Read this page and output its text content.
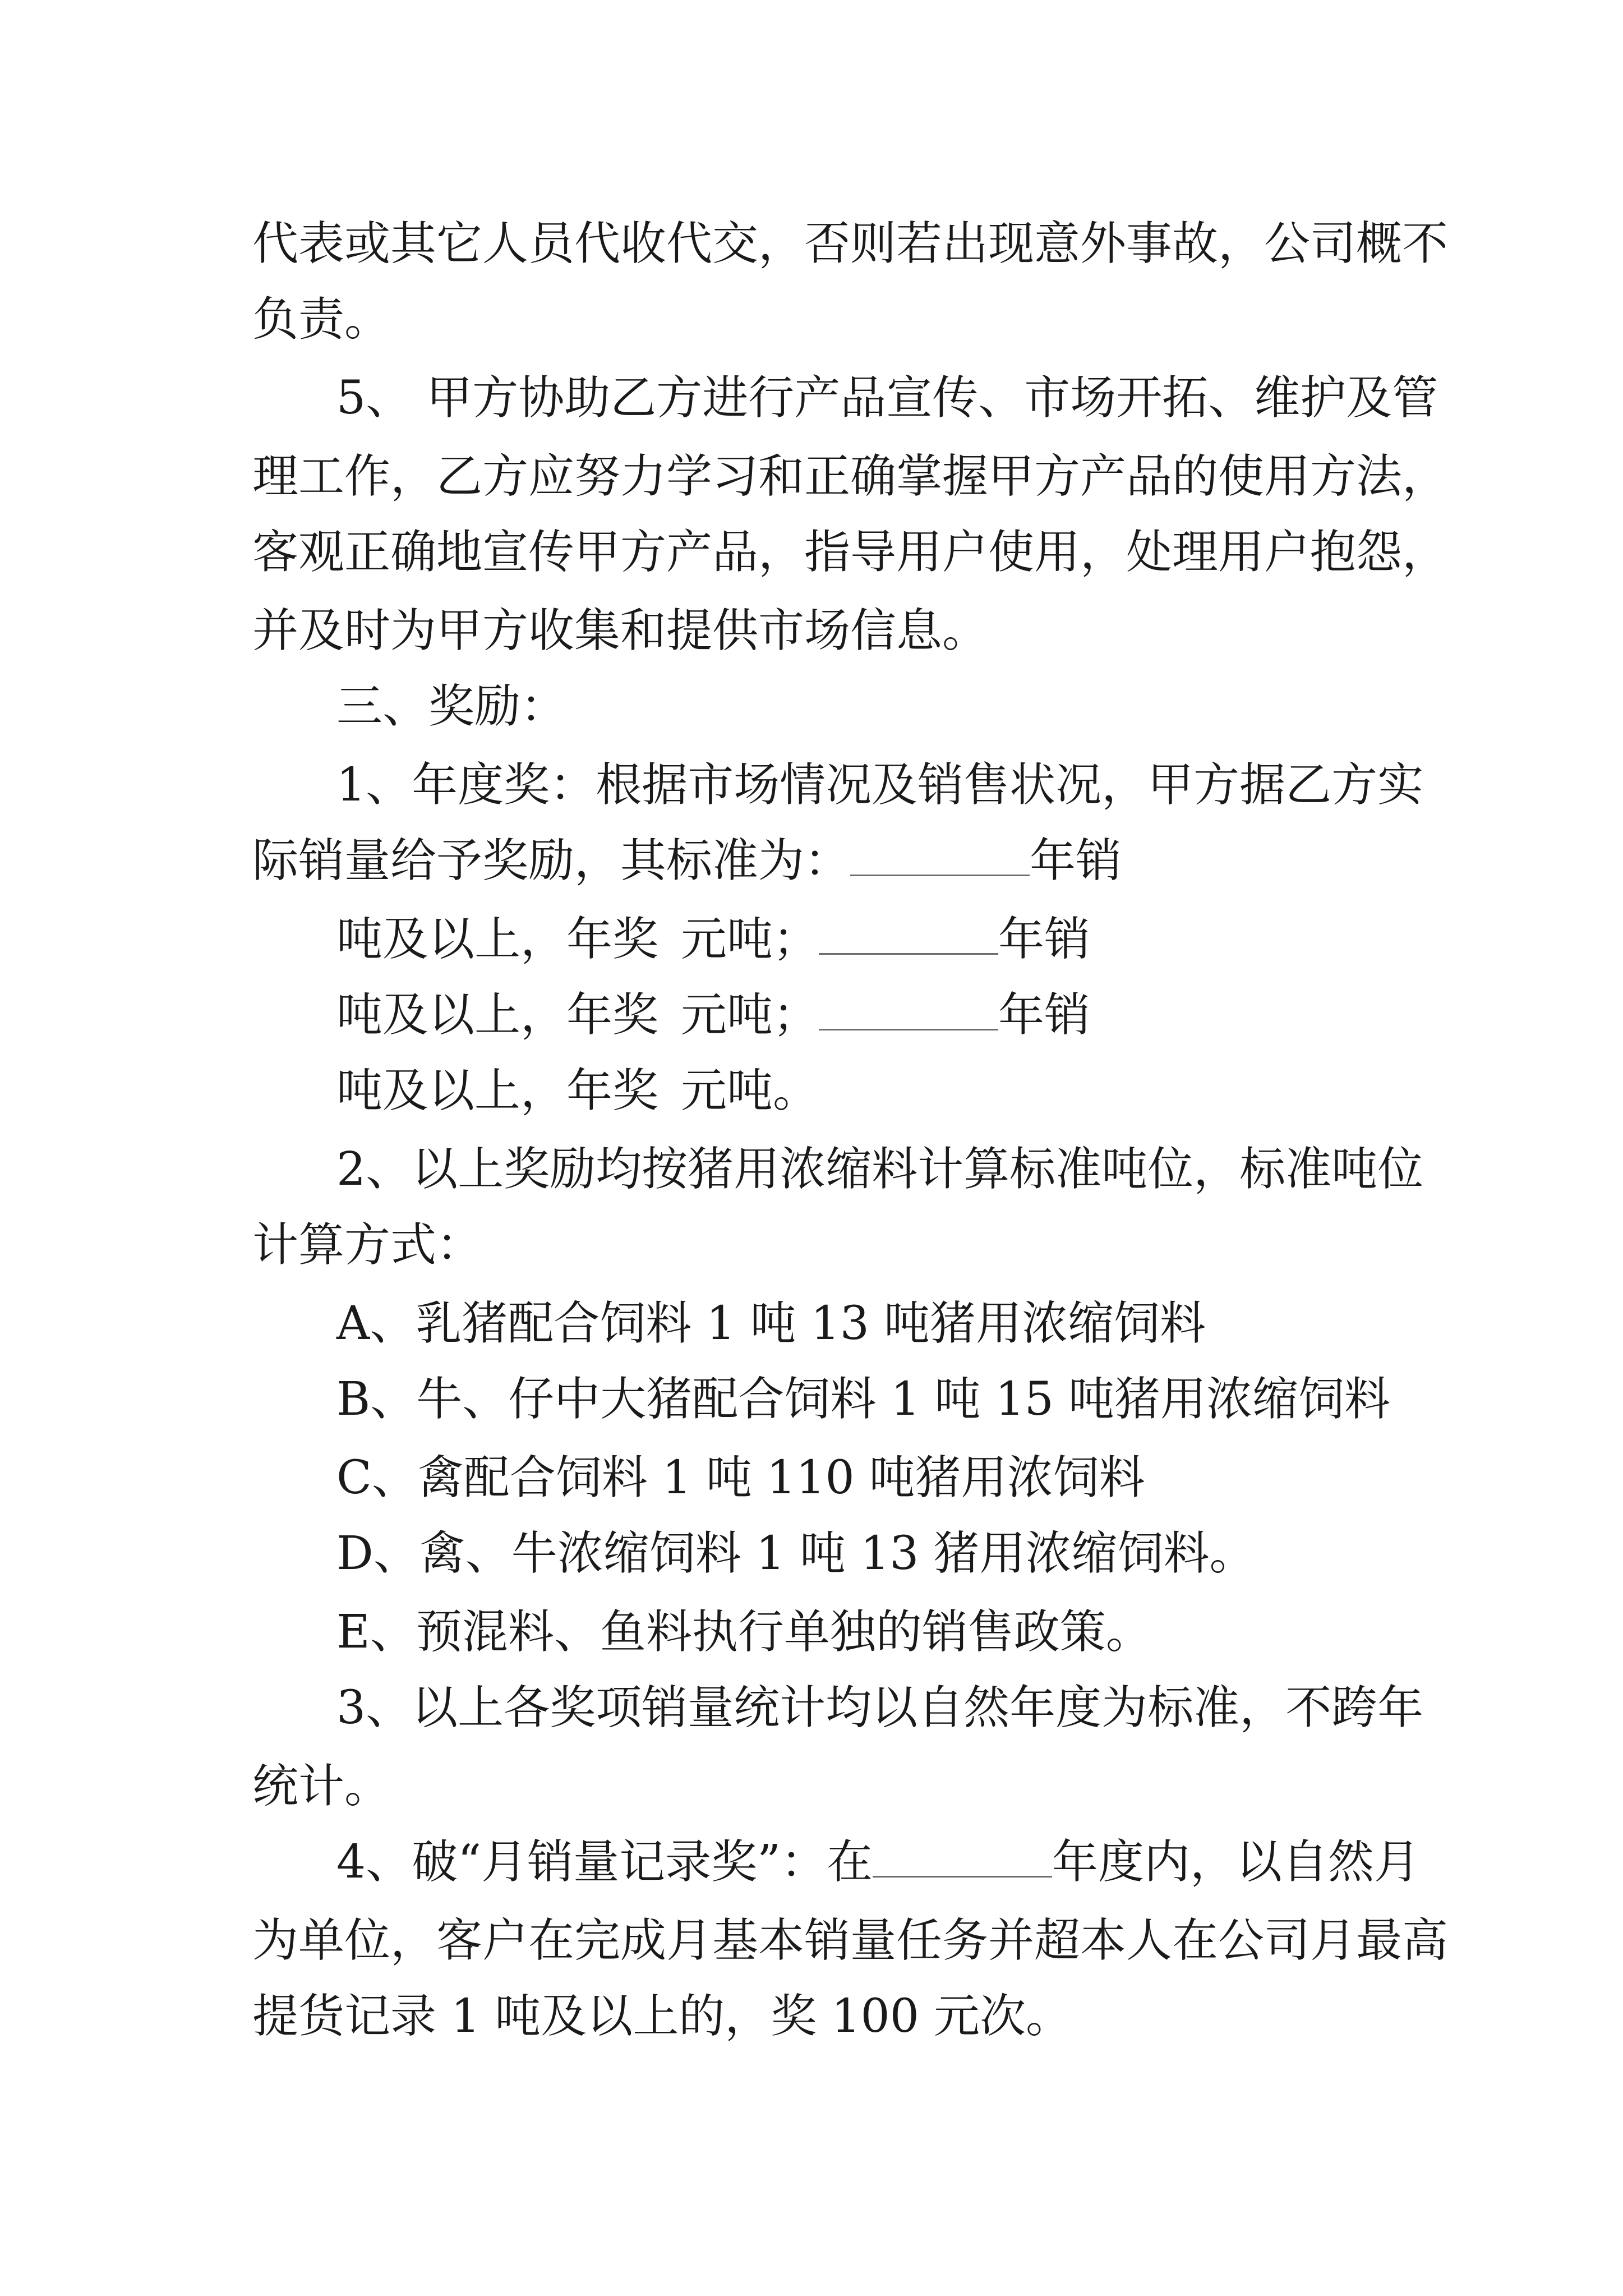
代表或其它人员代收代交，否则若出现意外事故，公司概不

负责。

5、 甲方协助乙方进行产品宣传、市场开拓、维护及管

理工作，乙方应努力学习和正确掌握甲方产品的使用方法，

客观正确地宣传甲方产品，指导用户使用，处理用户抱怨，

并及时为甲方收集和提供市场信息。

三、奖励：

1、年度奖：根据市场情况及销售状况，甲方据乙方实

际销量给予奖励，其标准为：	年销

吨及以上，年奖 元吨；	年销

吨及以上，年奖 元吨；	年销

吨及以上，年奖 元吨。

2、以上奖励均按猪用浓缩料计算标准吨位，标准吨位

计算方式：

A、乳猪配合饲料 1 吨 13 吨猪用浓缩饲料

B、牛、仔中大猪配合饲料 1 吨 15 吨猪用浓缩饲料

C、禽配合饲料 1 吨 110 吨猪用浓饲料

D、禽、牛浓缩饲料 1 吨 13 猪用浓缩饲料。

E、预混料、鱼料执行单独的销售政策。

3、以上各奖项销量统计均以自然年度为标准，不跨年

统计。

4、破“月销量记录奖”：在	年度内，以自然月

为单位，客户在完成月基本销量任务并超本人在公司月最高

提货记录 1 吨及以上的，奖 100 元次。
